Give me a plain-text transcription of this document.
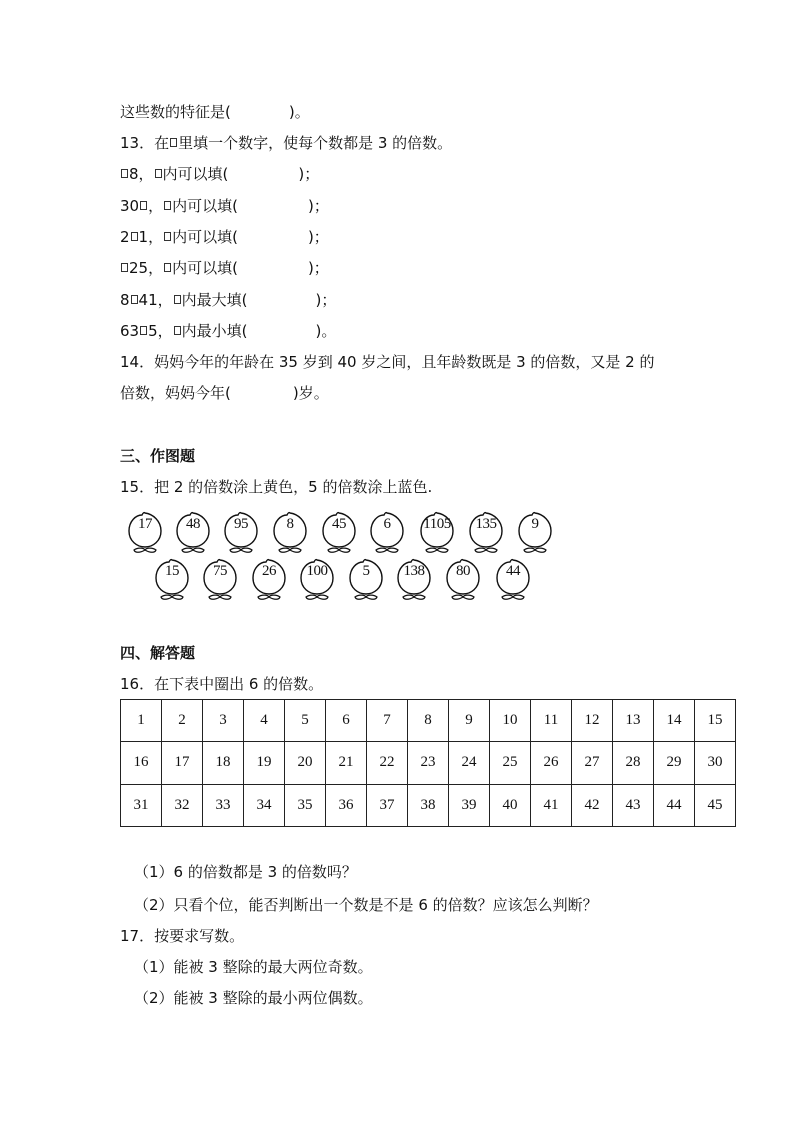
这些数的特征是(	)。
13．在 里填一个数字，使每个数都是 3 的倍数。
8， 内可以填(	)；
30 ， 内可以填(	)；
2 1， 内可以填(	)；
25， 内可以填(	)；
8 41， 内最大填(	)；
63 5， 内最小填(	)。
14．妈妈今年的年龄在 35 岁到 40 岁之间，且年龄数既是 3 的倍数，又是 2 的
倍数，妈妈今年(	)岁。
三、作图题
15．把 2 的倍数涂上黄色，5 的倍数涂上蓝色.
17	48	95	8	45	6	1105	135	9
15	75	26	100	5	138	80	44
四、解答题
16．在下表中圈出 6 的倍数。
1	2	3	4	5	6	7	8	9	10	11	12	13	14	15
16	17	18	19	20	21	22	23	24	25	26	27	28	29	30
31	32	33	34	35	36	37	38	39	40	41	42	43	44	45
（1）6 的倍数都是 3 的倍数吗？
（2）只看个位，能否判断出一个数是不是 6 的倍数？应该怎么判断？
17．按要求写数。
（1）能被 3 整除的最大两位奇数。
（2）能被 3 整除的最小两位偶数。
